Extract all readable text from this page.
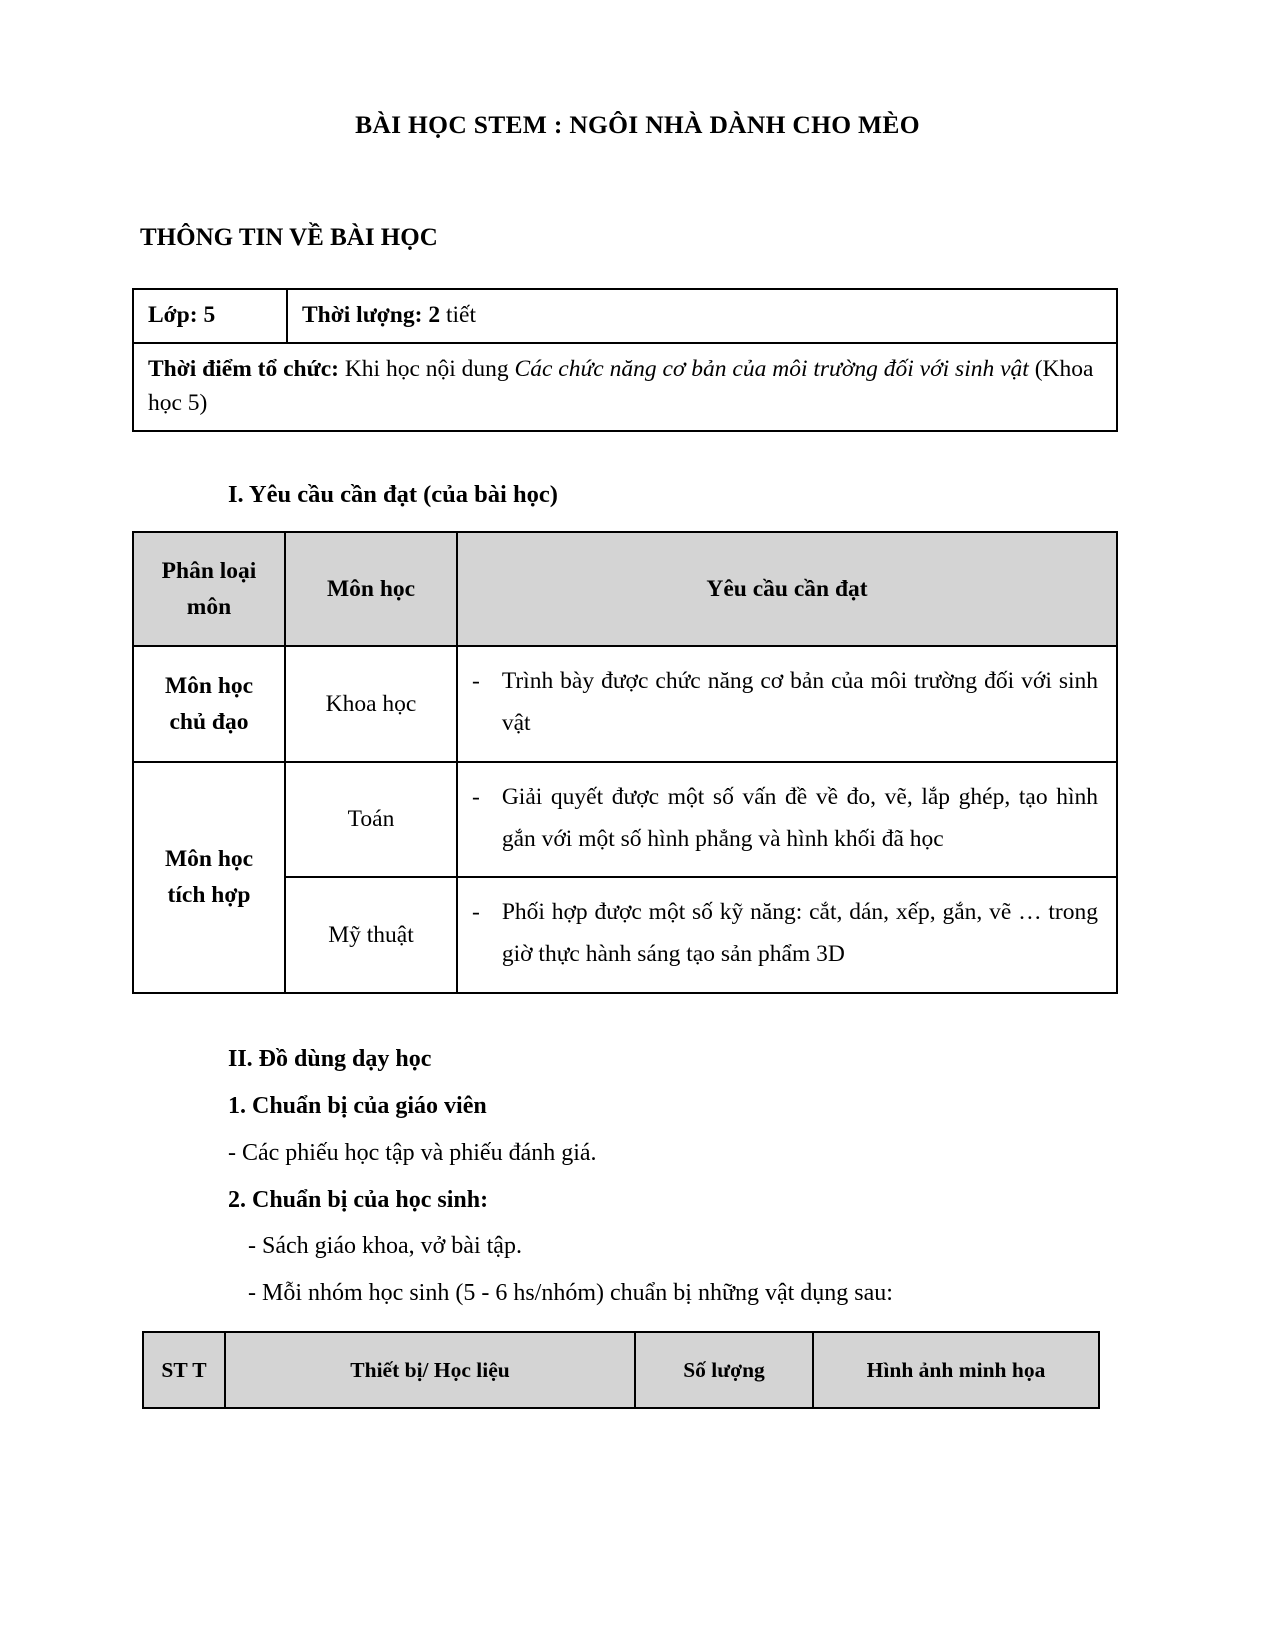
BÀI HỌC STEM : NGÔI NHÀ DÀNH CHO MÈO
THÔNG TIN VỀ BÀI HỌC
Lớp: 5	Thời lượng: 2 tiết
Thời điểm tổ chức: Khi học nội dung Các chức năng cơ bản của môi trường đối với sinh vật (Khoa học 5)
I. Yêu cầu cần đạt (của bài học)
Phân loại môn	Môn học	Yêu cầu cần đạt
Môn học chủ đạo	Khoa học	- Trình bày được chức năng cơ bản của môi trường đối với sinh vật

Môn học tích hợp	Toán	- Giải quyết được một số vấn đề về đo, vẽ, lắp ghép, tạo hình gắn với một số hình phẳng và hình khối đã học

	Mỹ thuật	- Phối hợp được một số kỹ năng: cắt, dán, xếp, gắn, vẽ … trong giờ thực hành sáng tạo sản phẩm 3D

II. Đồ dùng dạy học

1. Chuẩn bị của giáo viên

- Các phiếu học tập và phiếu đánh giá.

2. Chuẩn bị của học sinh:

- Sách giáo khoa, vở bài tập.

- Mỗi nhóm học sinh (5 - 6 hs/nhóm) chuẩn bị những vật dụng sau:

ST T	Thiết bị/ Học liệu	Số lượng	Hình ảnh minh họa
